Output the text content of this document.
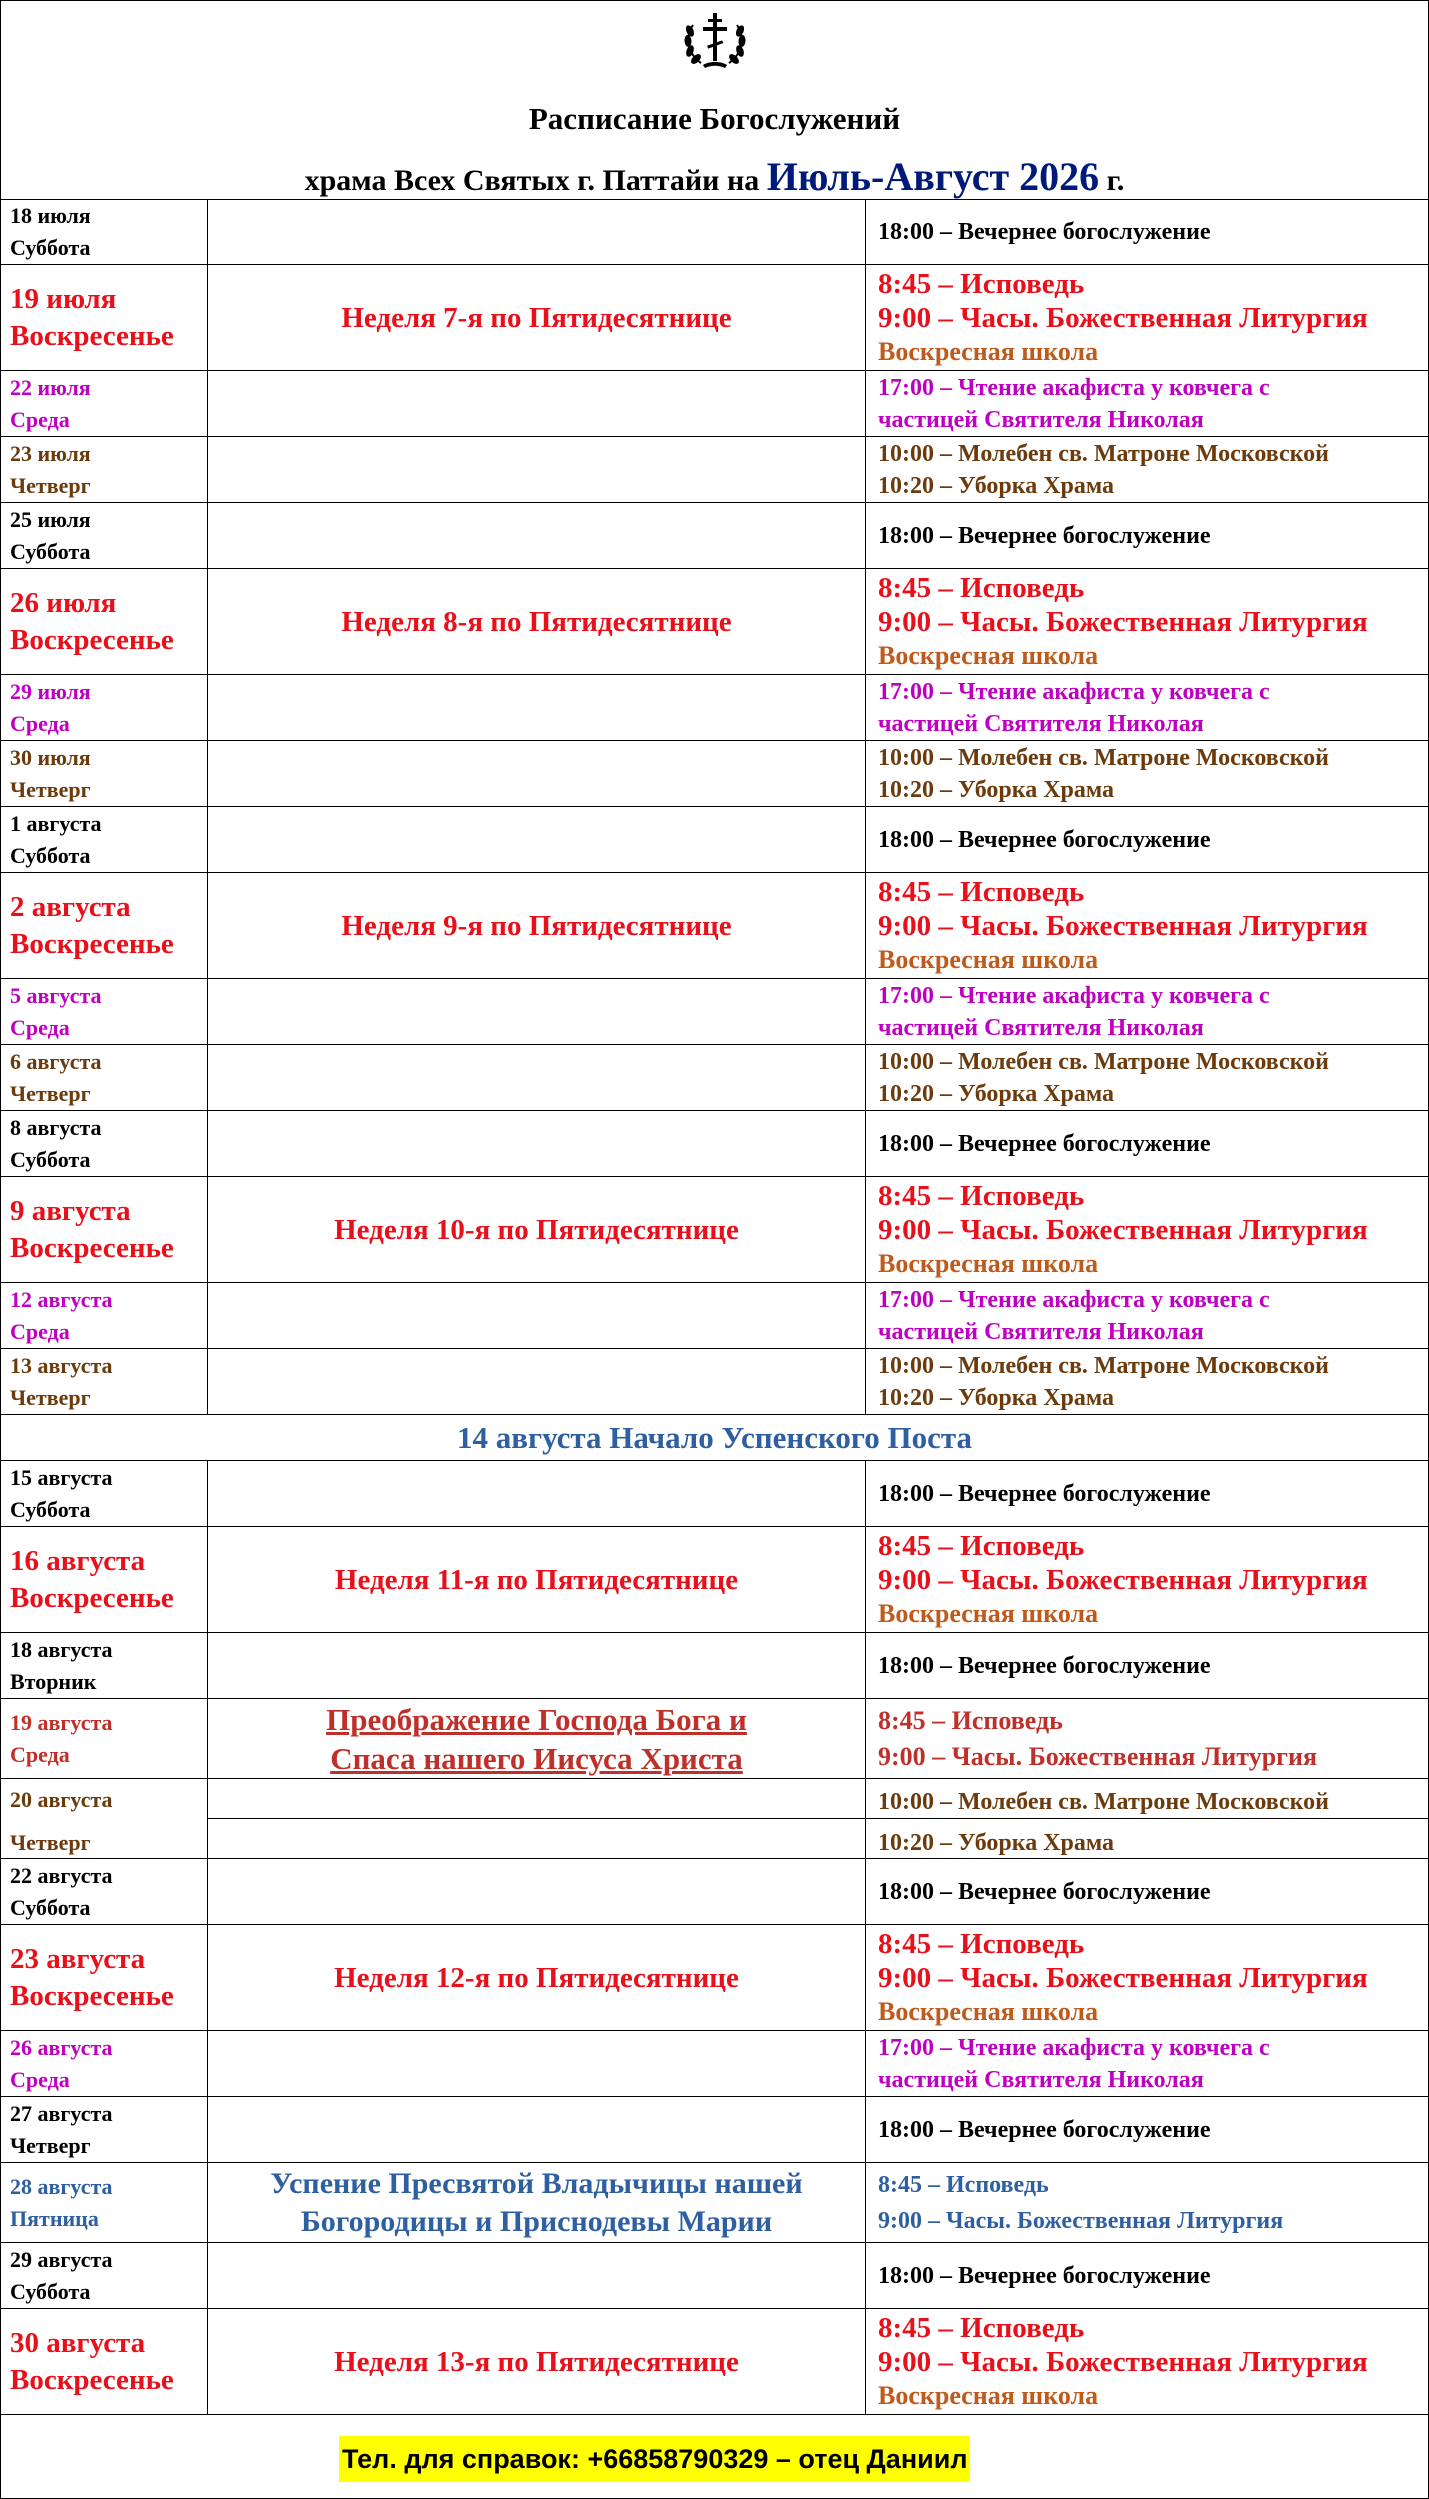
Расписание Богослужений
храма Всех Святых г. Паттайи на Июль-Август 2026 г.
18 июля
Суббота
18:00 – Вечернее богослужение
19 июля
Воскресенье
Неделя 7-я по Пятидесятнице
8:45 – Исповедь
9:00 – Часы. Божественная Литургия
Воскресная школа
22 июля
Среда
17:00 – Чтение акафиста у ковчега с
частицей Святителя Николая
23 июля
Четверг
10:00 – Молебен св. Матроне Московской
10:20 – Уборка Храма
25 июля
Суббота
18:00 – Вечернее богослужение
26 июля
Воскресенье
Неделя 8-я по Пятидесятнице
8:45 – Исповедь
9:00 – Часы. Божественная Литургия
Воскресная школа
29 июля
Среда
17:00 – Чтение акафиста у ковчега с
частицей Святителя Николая
30 июля
Четверг
10:00 – Молебен св. Матроне Московской
10:20 – Уборка Храма
1 августа
Суббота
18:00 – Вечернее богослужение
2 августа
Воскресенье
Неделя 9-я по Пятидесятнице
8:45 – Исповедь
9:00 – Часы. Божественная Литургия
Воскресная школа
5 августа
Среда
17:00 – Чтение акафиста у ковчега с
частицей Святителя Николая
6 августа
Четверг
10:00 – Молебен св. Матроне Московской
10:20 – Уборка Храма
8 августа
Суббота
18:00 – Вечернее богослужение
9 августа
Воскресенье
Неделя 10-я по Пятидесятнице
8:45 – Исповедь
9:00 – Часы. Божественная Литургия
Воскресная школа
12 августа
Среда
17:00 – Чтение акафиста у ковчега с
частицей Святителя Николая
13 августа
Четверг
10:00 – Молебен св. Матроне Московской
10:20 – Уборка Храма
14 августа Начало Успенского Поста
15 августа
Суббота
18:00 – Вечернее богослужение
16 августа
Воскресенье
Неделя 11-я по Пятидесятнице
8:45 – Исповедь
9:00 – Часы. Божественная Литургия
Воскресная школа
18 августа
Вторник
18:00 – Вечернее богослужение
19 августа
Среда
Преображение Господа Бога и
Спаса нашего Иисуса Христа
8:45 – Исповедь
9:00 – Часы. Божественная Литургия
20 августа
Четверг
10:00 – Молебен св. Матроне Московской
10:20 – Уборка Храма
22 августа
Суббота
18:00 – Вечернее богослужение
23 августа
Воскресенье
Неделя 12-я по Пятидесятнице
8:45 – Исповедь
9:00 – Часы. Божественная Литургия
Воскресная школа
26 августа
Среда
17:00 – Чтение акафиста у ковчега с
частицей Святителя Николая
27 августа
Четверг
18:00 – Вечернее богослужение
28 августа
Пятница
Успение Пресвятой Владычицы нашей
Богородицы и Приснодевы Марии
8:45 – Исповедь
9:00 – Часы. Божественная Литургия
29 августа
Суббота
18:00 – Вечернее богослужение
30 августа
Воскресенье
Неделя 13-я по Пятидесятнице
8:45 – Исповедь
9:00 – Часы. Божественная Литургия
Воскресная школа
Тел. для справок: +66858790329 – отец Даниил
